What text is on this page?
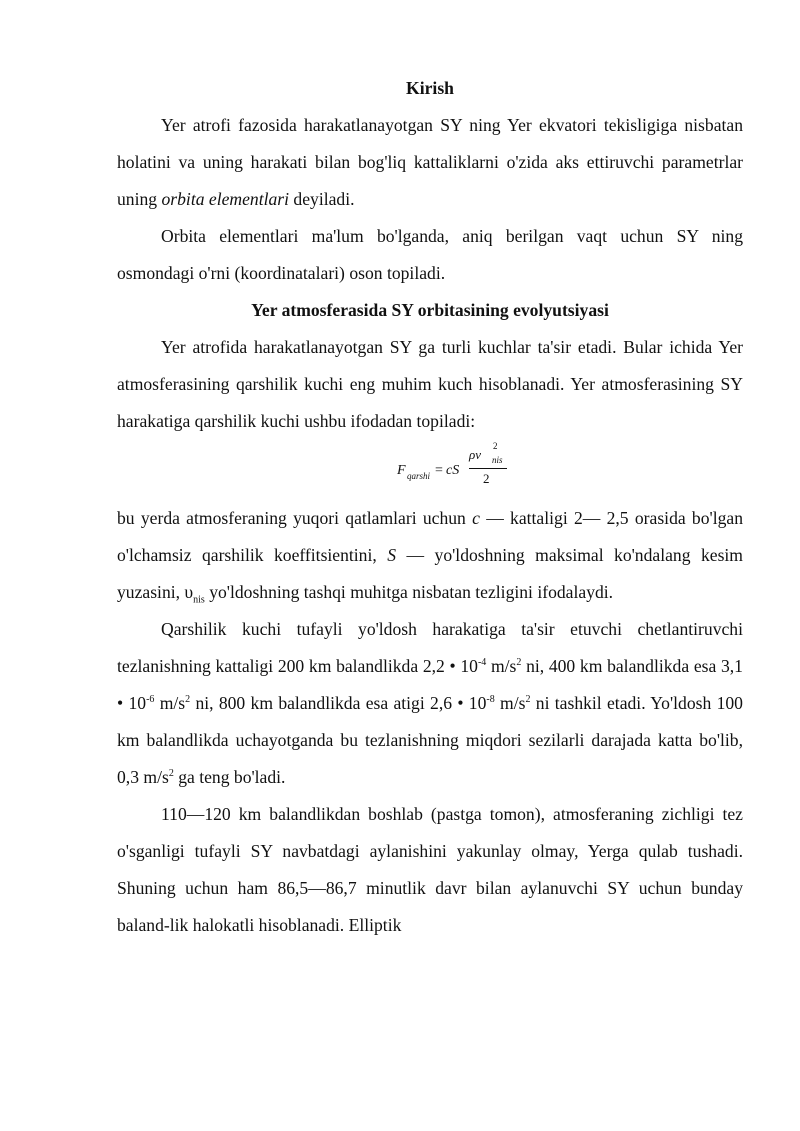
Kirish

Yer atrofi fazosida harakatlanayotgan SY ning Yer ekvatori tekisligiga nisbatan holatini va uning harakati bilan bog'liq kattaliklarni o'zida aks ettiruvchi parametrlar uning orbita elementlari deyiladi.

Orbita elementlari ma'lum bo'lganda, aniq berilgan vaqt uchun SY ning osmondagi o'rni (koordinatalari) oson topiladi.

Yer atmosferasida SY orbitasining evolyutsiyasi

Yer atrofida harakatlanayotgan SY ga turli kuchlar ta'sir etadi. Bular ichida Yer atmosferasining qarshilik kuchi eng muhim kuch hisoblanadi. Yer atmosferasining SY harakatiga qarshilik kuchi ushbu ifodadan topiladi:

F qarshi = cS
ρv
2
nis
2

bu yerda atmosferaning yuqori qatlamlari uchun c — kattaligi 2— 2,5 orasida bo'lgan o'lchamsiz qarshilik koeffitsientini, S — yo'ldoshning maksimal ko'ndalang kesim yuzasini, $\upsilon_{nis}$ yo'ldoshning tashqi muhitga nisbatan tezligini ifodalaydi.

Qarshilik kuchi tufayli yo'ldosh harakatiga ta'sir etuvchi chetlantiruvchi tezlanishning kattaligi 200 km balandlikda 2,2 • $10^{-4}$ $m/s^2$ ni, 400 km balandlikda esa 3,1 • $10^{-6}$ $m/s^2$ ni, 800 km balandlikda esa atigi 2,6 • $10^{-8}$ $m/s^2$ ni tashkil etadi. Yo'ldosh 100 km balandlikda uchayotganda bu tezlanishning miqdori sezilarli darajada katta bo'lib, 0,3 $m/s^2$ ga teng bo'ladi.

110—120 km balandlikdan boshlab (pastga tomon), atmosferaning zichligi tez o'sganligi tufayli SY navbatdagi aylanishini yakunlay olmay, Yerga qulab tushadi. Shuning uchun ham 86,5—86,7 minutlik davr bilan aylanuvchi SY uchun bunday baland-lik halokatli hisoblanadi. Elliptik
